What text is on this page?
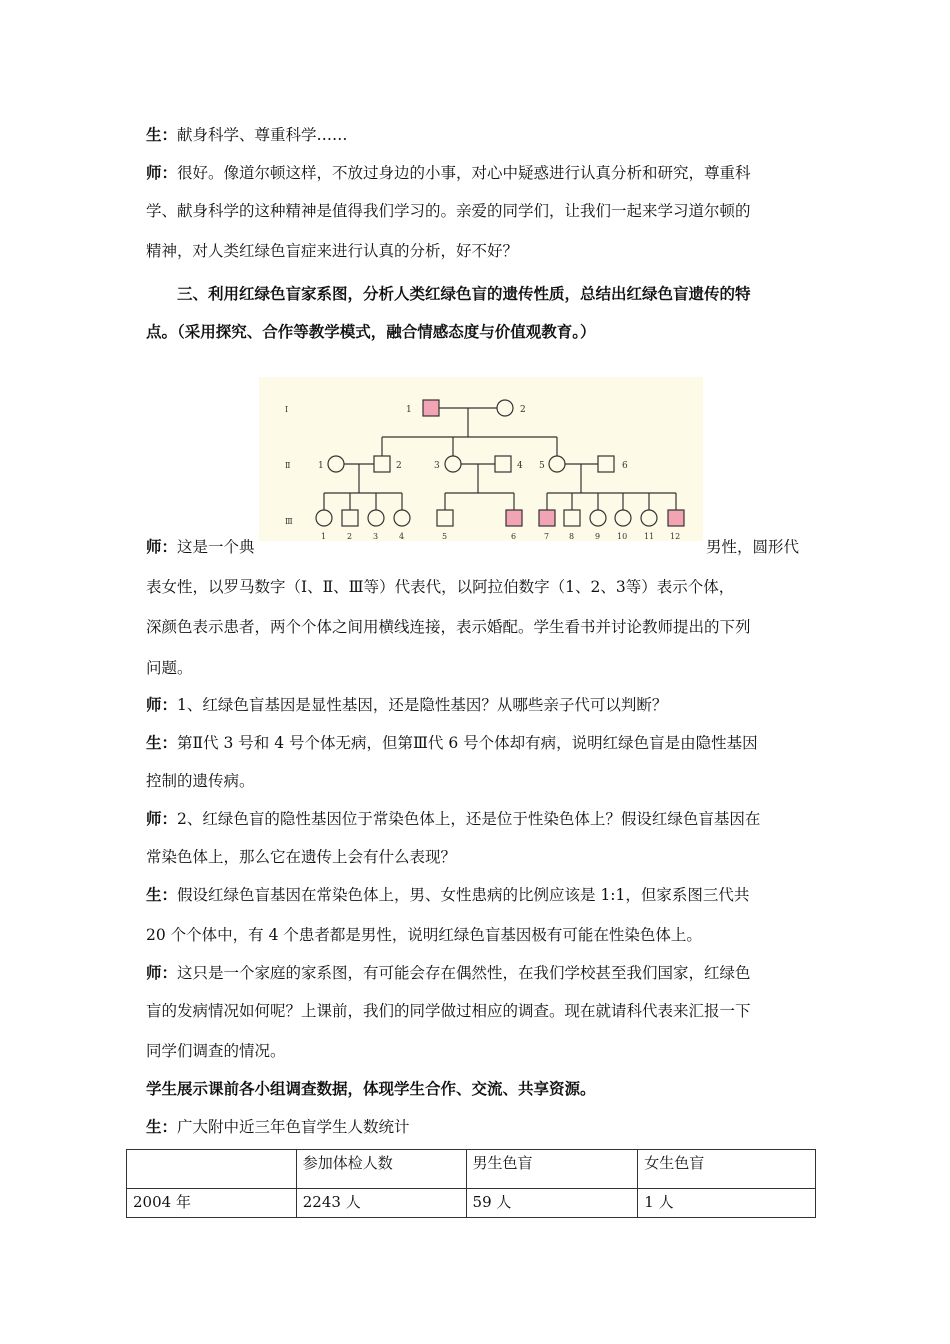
生：献身科学、尊重科学……
师：很好。像道尔顿这样，不放过身边的小事，对心中疑惑进行认真分析和研究，尊重科
学、献身科学的这种精神是值得我们学习的。亲爱的同学们，让我们一起来学习道尔顿的
精神，对人类红绿色盲症来进行认真的分析，好不好？
三、利用红绿色盲家系图，分析人类红绿色盲的遗传性质，总结出红绿色盲遗传的特
点。（采用探究、合作等教学模式，融合情感态度与价值观教育。）
Ⅰ
Ⅱ
Ⅲ
1	2
1	2	3	4 5	6
1	2	3	4	5	6	7 8	9 10 11 12
师：这是一个典	男性，圆形代
表女性，以罗马数字（Ⅰ、Ⅱ、Ⅲ等）代表代，以阿拉伯数字（1、2、3等）表示个体，
深颜色表示患者，两个个体之间用横线连接，表示婚配。学生看书并讨论教师提出的下列
问题。
师：1、红绿色盲基因是显性基因，还是隐性基因？从哪些亲子代可以判断？
生：第Ⅱ代 3 号和 4 号个体无病，但第Ⅲ代 6 号个体却有病，说明红绿色盲是由隐性基因
控制的遗传病。
师：2、红绿色盲的隐性基因位于常染色体上，还是位于性染色体上？假设红绿色盲基因在
常染色体上，那么它在遗传上会有什么表现？
生：假设红绿色盲基因在常染色体上，男、女性患病的比例应该是 1:1，但家系图三代共
20 个个体中，有 4 个患者都是男性，说明红绿色盲基因极有可能在性染色体上。
师：这只是一个家庭的家系图，有可能会存在偶然性，在我们学校甚至我们国家，红绿色
盲的发病情况如何呢？上课前，我们的同学做过相应的调查。现在就请科代表来汇报一下
同学们调查的情况。
学生展示课前各小组调查数据，体现学生合作、交流、共享资源。
生：广大附中近三年色盲学生人数统计
	参加体检人数	男生色盲	女生色盲
2004 年	2243 人	59 人	1 人
